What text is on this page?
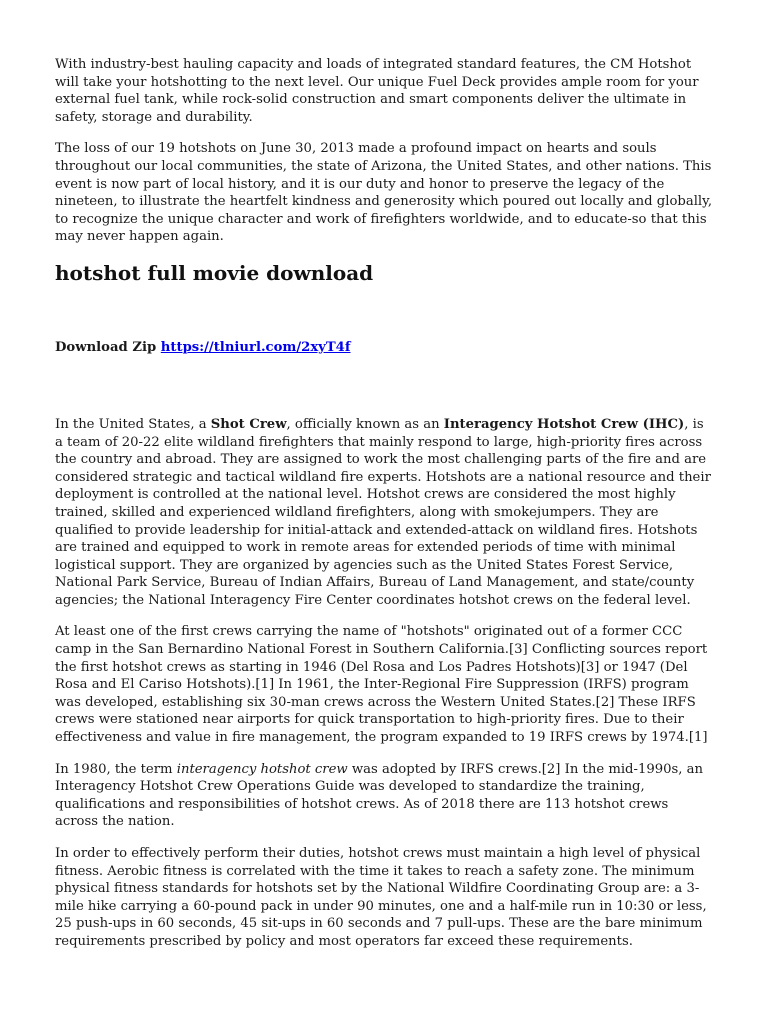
With industry-best hauling capacity and loads of integrated standard features, the CM Hotshot will take your hotshotting to the next level. Our unique Fuel Deck provides ample room for your external fuel tank, while rock-solid construction and smart components deliver the ultimate in safety, storage and durability.

The loss of our 19 hotshots on June 30, 2013 made a profound impact on hearts and souls throughout our local communities, the state of Arizona, the United States, and other nations. This event is now part of local history, and it is our duty and honor to preserve the legacy of the nineteen, to illustrate the heartfelt kindness and generosity which poured out locally and globally, to recognize the unique character and work of firefighters worldwide, and to educate-so that this may never happen again.

hotshot full movie download
Download Zip https://tlniurl.com/2xyT4f

In the United States, a Shot Crew, officially known as an Interagency Hotshot Crew (IHC), is a team of 20-22 elite wildland firefighters that mainly respond to large, high-priority fires across the country and abroad. They are assigned to work the most challenging parts of the fire and are considered strategic and tactical wildland fire experts. Hotshots are a national resource and their deployment is controlled at the national level. Hotshot crews are considered the most highly trained, skilled and experienced wildland firefighters, along with smokejumpers. They are qualified to provide leadership for initial-attack and extended-attack on wildland fires. Hotshots are trained and equipped to work in remote areas for extended periods of time with minimal logistical support. They are organized by agencies such as the United States Forest Service, National Park Service, Bureau of Indian Affairs, Bureau of Land Management, and state/county agencies; the National Interagency Fire Center coordinates hotshot crews on the federal level.

At least one of the first crews carrying the name of "hotshots" originated out of a former CCC camp in the San Bernardino National Forest in Southern California.[3] Conflicting sources report the first hotshot crews as starting in 1946 (Del Rosa and Los Padres Hotshots)[3] or 1947 (Del Rosa and El Cariso Hotshots).[1] In 1961, the Inter-Regional Fire Suppression (IRFS) program was developed, establishing six 30-man crews across the Western United States.[2] These IRFS crews were stationed near airports for quick transportation to high-priority fires. Due to their effectiveness and value in fire management, the program expanded to 19 IRFS crews by 1974.[1]

In 1980, the term interagency hotshot crew was adopted by IRFS crews.[2] In the mid-1990s, an Interagency Hotshot Crew Operations Guide was developed to standardize the training, qualifications and responsibilities of hotshot crews. As of 2018 there are 113 hotshot crews across the nation.

In order to effectively perform their duties, hotshot crews must maintain a high level of physical fitness. Aerobic fitness is correlated with the time it takes to reach a safety zone. The minimum physical fitness standards for hotshots set by the National Wildfire Coordinating Group are: a 3-mile hike carrying a 60-pound pack in under 90 minutes, one and a half-mile run in 10:30 or less, 25 push-ups in 60 seconds, 45 sit-ups in 60 seconds and 7 pull-ups. These are the bare minimum requirements prescribed by policy and most operators far exceed these requirements.
